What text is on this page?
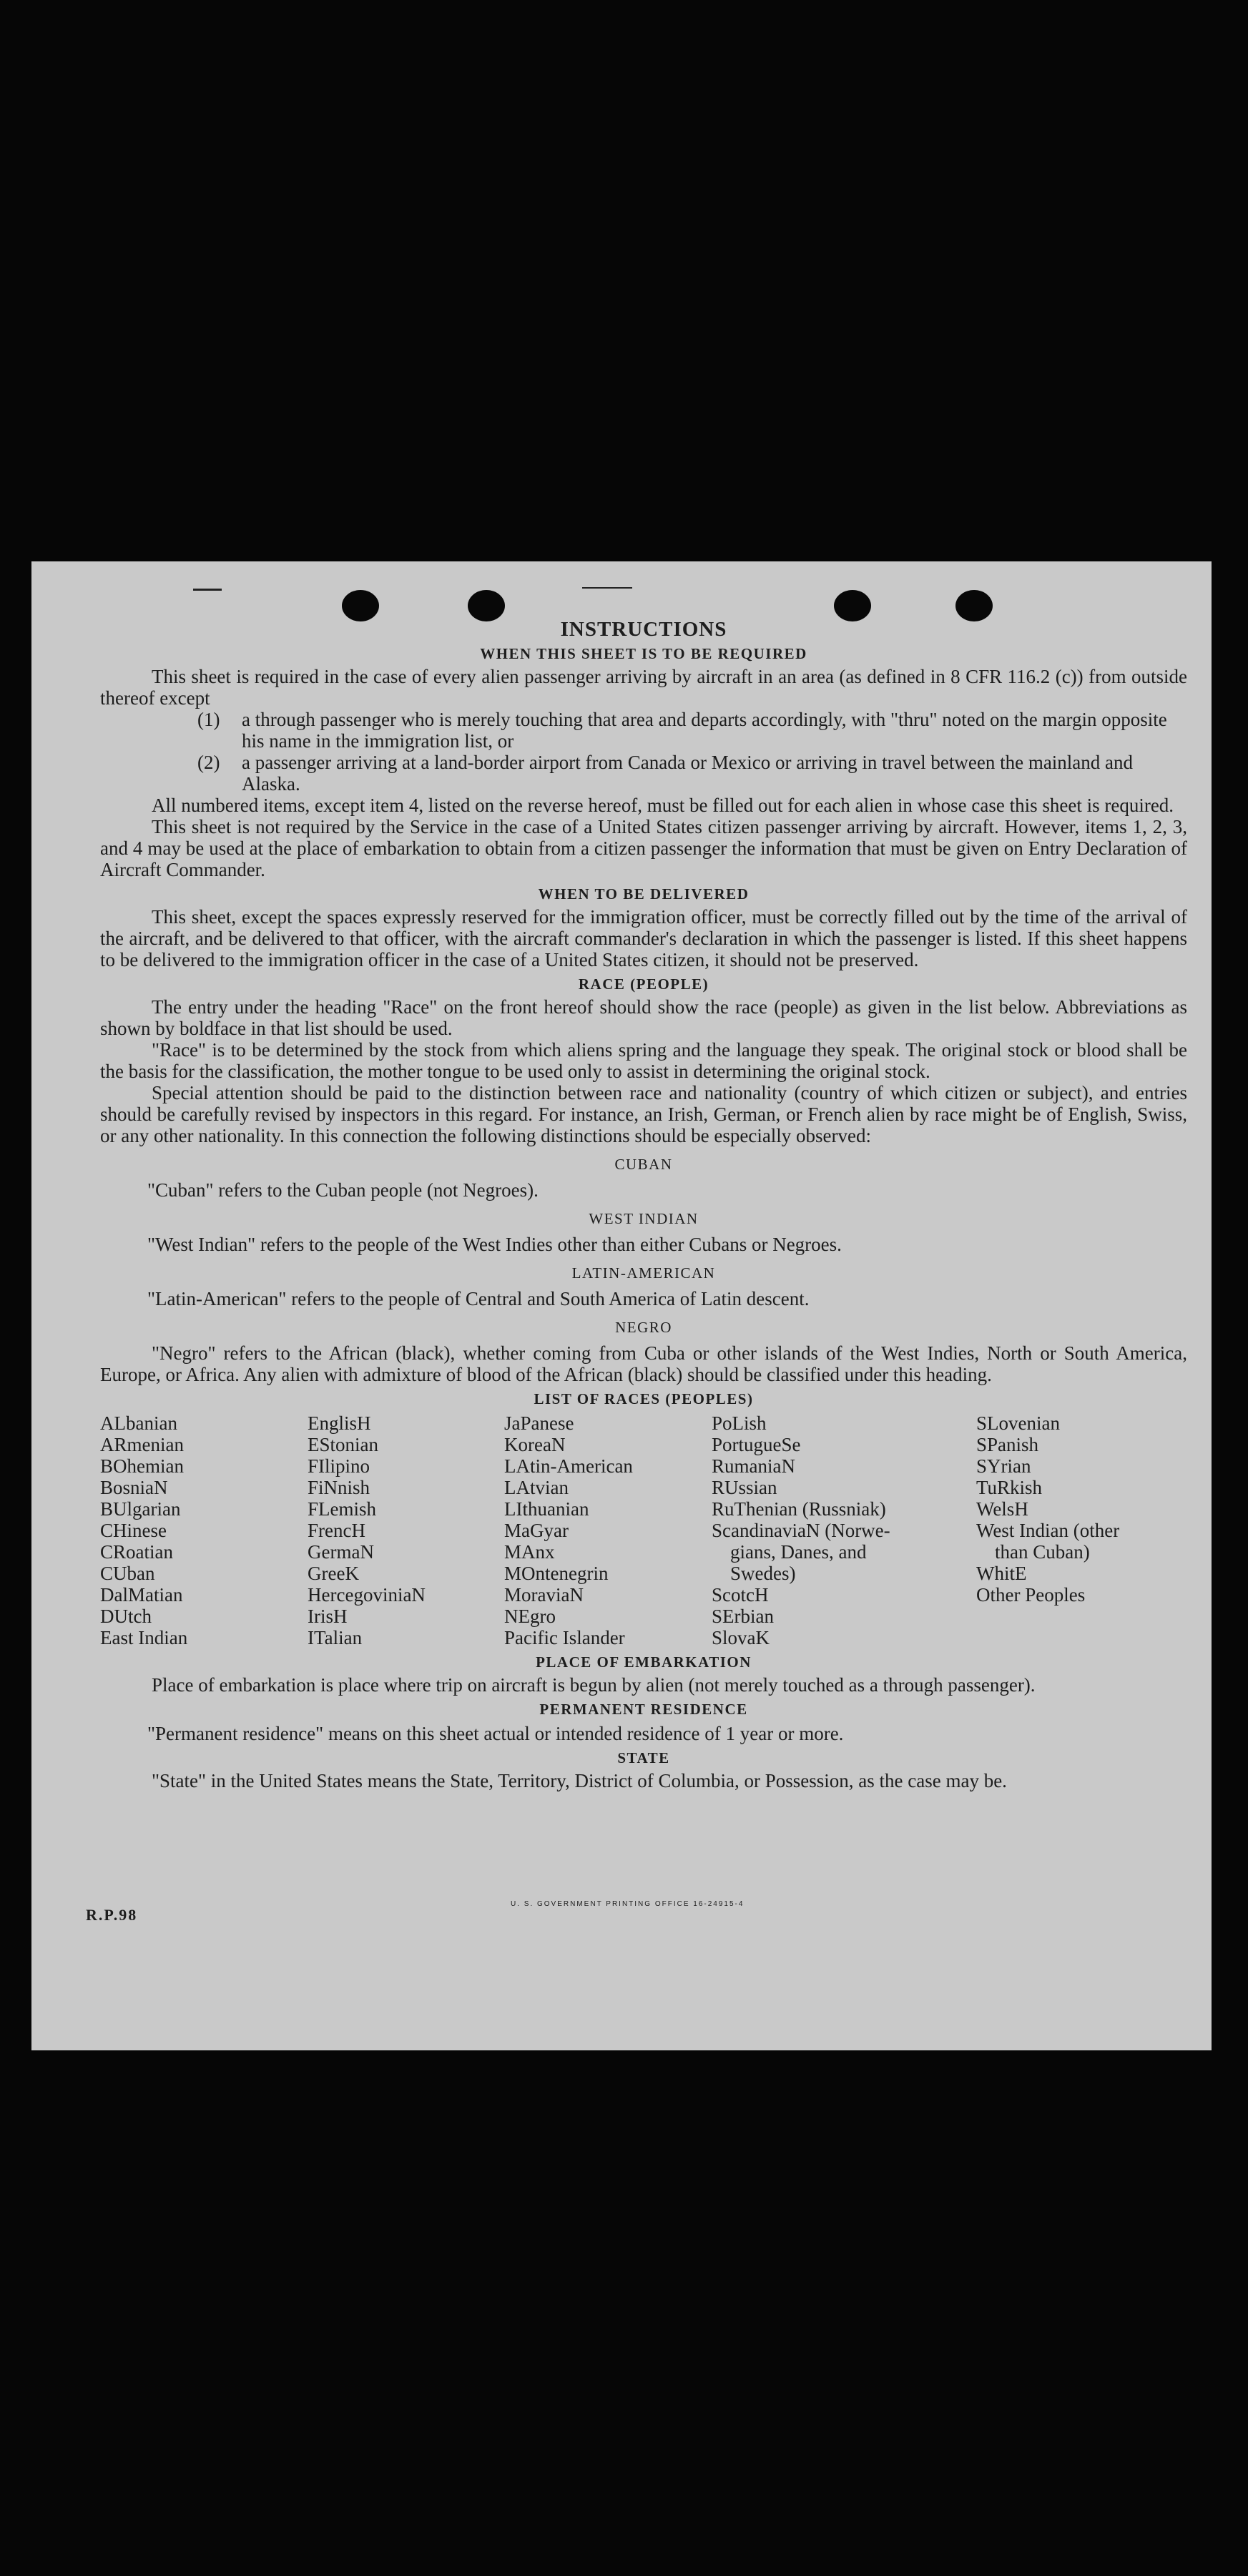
INSTRUCTIONS
WHEN THIS SHEET IS TO BE REQUIRED

This sheet is required in the case of every alien passenger arriving by aircraft in an area (as defined in 8 CFR 116.2 (c)) from outside thereof except

(1)	a through passenger who is merely touching that area and departs accordingly, with "thru" noted on the margin opposite his name in the immigration list, or
(2)	a passenger arriving at a land-border airport from Canada or Mexico or arriving in travel between the mainland and Alaska.

All numbered items, except item 4, listed on the reverse hereof, must be filled out for each alien in whose case this sheet is required.

This sheet is not required by the Service in the case of a United States citizen passenger arriving by aircraft. However, items 1, 2, 3, and 4 may be used at the place of embarkation to obtain from a citizen passenger the information that must be given on Entry Declaration of Aircraft Commander.

WHEN TO BE DELIVERED

This sheet, except the spaces expressly reserved for the immigration officer, must be correctly filled out by the time of the arrival of the aircraft, and be delivered to that officer, with the aircraft commander's declaration in which the passenger is listed. If this sheet happens to be delivered to the immigration officer in the case of a United States citizen, it should not be preserved.

RACE (PEOPLE)

The entry under the heading "Race" on the front hereof should show the race (people) as given in the list below. Abbreviations as shown by boldface in that list should be used.

"Race" is to be determined by the stock from which aliens spring and the language they speak. The original stock or blood shall be the basis for the classification, the mother tongue to be used only to assist in determining the original stock.

Special attention should be paid to the distinction between race and nationality (country of which citizen or subject), and entries should be carefully revised by inspectors in this regard. For instance, an Irish, German, or French alien by race might be of English, Swiss, or any other nationality. In this connection the following distinctions should be especially observed:

CUBAN

"Cuban" refers to the Cuban people (not Negroes).

WEST INDIAN

"West Indian" refers to the people of the West Indies other than either Cubans or Negroes.

LATIN-AMERICAN

"Latin-American" refers to the people of Central and South America of Latin descent.

NEGRO

"Negro" refers to the African (black), whether coming from Cuba or other islands of the West Indies, North or South America, Europe, or Africa. Any alien with admixture of blood of the African (black) should be classified under this heading.

LIST OF RACES (PEOPLES)
ALbanian
ARmenian
BOhemian
BosniaN
BUlgarian
CHinese
CRoatian
CUban
DalMatian
DUtch
East Indian
EnglisH
EStonian
FIlipino
FiNnish
FLemish
FrencH
GermaN
GreeK
HercegoviniaN
IrisH
ITalian
JaPanese
KoreaN
LAtin-American
LAtvian
LIthuanian
MaGyar
MAnx
MOntenegrin
MoraviaN
NEgro
Pacific Islander
PoLish
PortugueSe
RumaniaN
RUssian
RuThenian (Russniak)
ScandinaviaN (Norwe-
gians, Danes, and
Swedes)
ScotcH
SErbian
SlovaK
SLovenian
SPanish
SYrian
TuRkish
WelsH
West Indian (other
than Cuban)
WhitE
Other Peoples
PLACE OF EMBARKATION

Place of embarkation is place where trip on aircraft is begun by alien (not merely touched as a through passenger).

PERMANENT RESIDENCE

"Permanent residence" means on this sheet actual or intended residence of 1 year or more.

STATE

"State" in the United States means the State, Territory, District of Columbia, or Possession, as the case may be.

R.P.98
U. S. GOVERNMENT PRINTING OFFICE 16-24915-4
